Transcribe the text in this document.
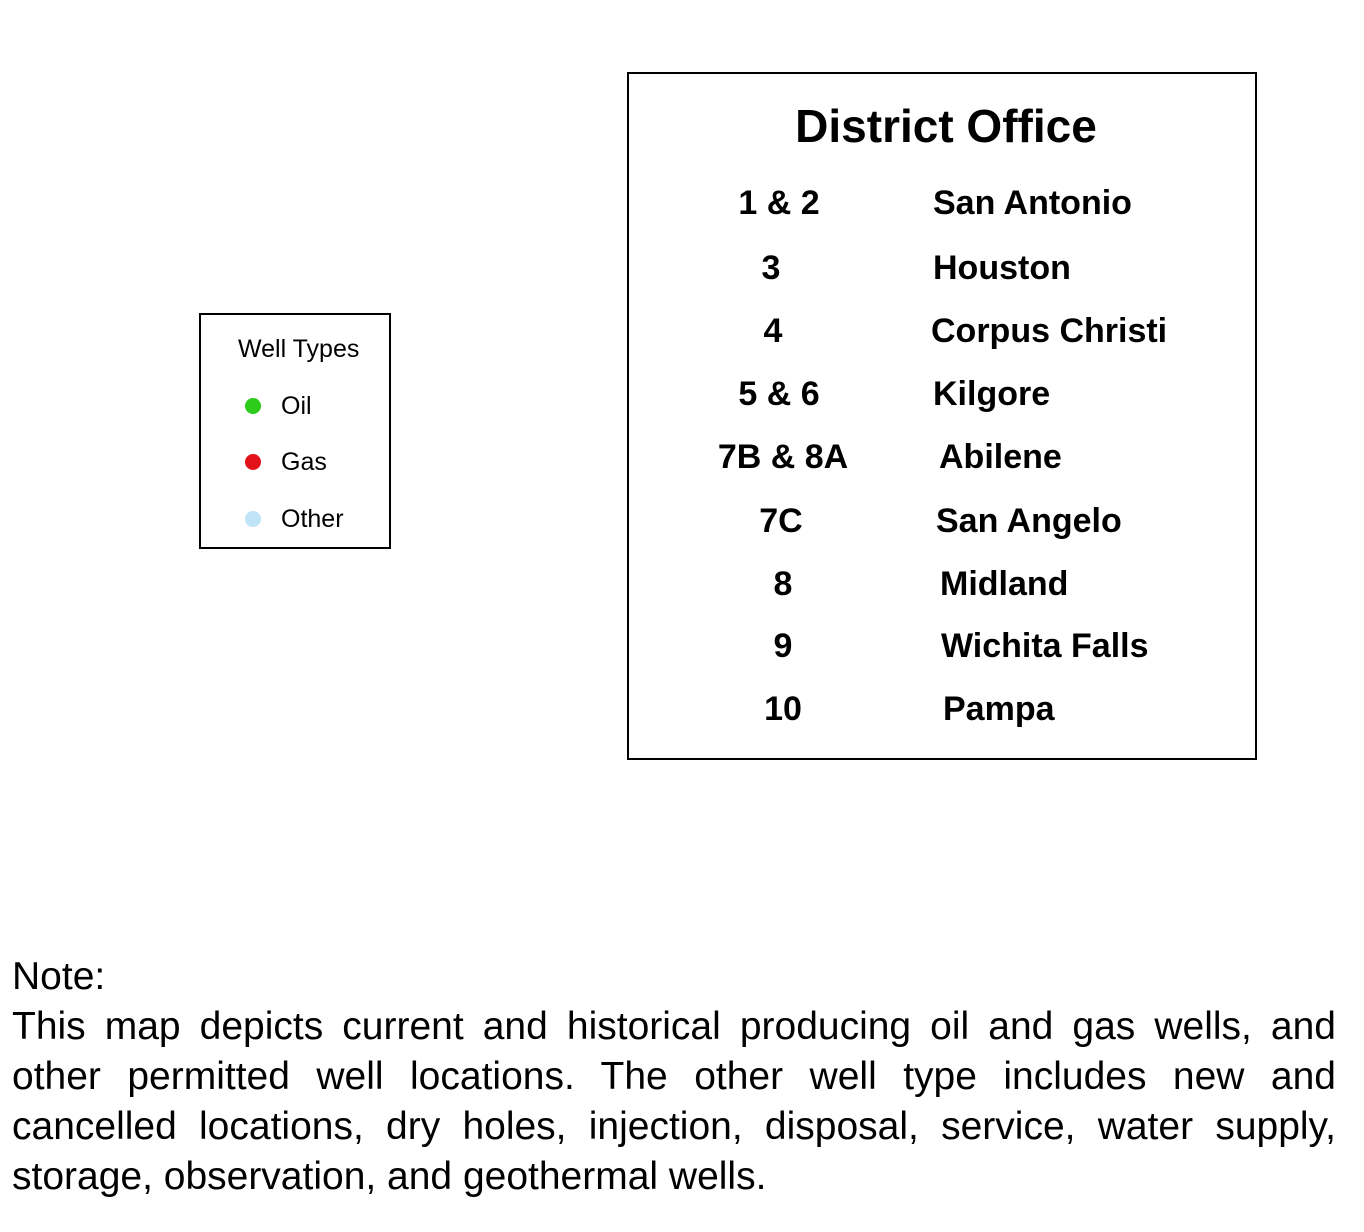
Well Types
Oil
Gas
Other
District Office
1 & 2	San Antonio
3	Houston
4	Corpus Christi
5 & 6	Kilgore
7B & 8A	Abilene
7C	San Angelo
8	Midland
9	Wichita Falls
10	Pampa
Note:
This map depicts current and historical producing oil and gas wells, and other permitted well locations. The other well type includes new and cancelled locations, dry holes, injection, disposal, service, water supply, storage, observation, and geothermal wells.
